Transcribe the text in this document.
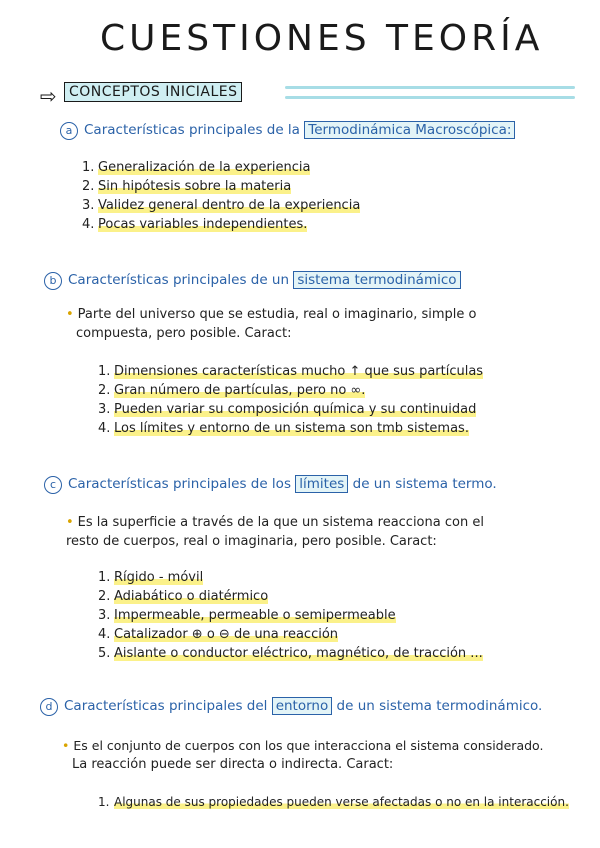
CUESTIONES TEORÍA
⇨ CONCEPTOS INICIALES
a Características principales de la Termodinámica Macroscópica:
1. Generalización de la experiencia
2. Sin hipótesis sobre la materia
3. Validez general dentro de la experiencia
4. Pocas variables independientes.
b Características principales de un sistema termodinámico
• Parte del universo que se estudia, real o imaginario, simple o
compuesta, pero posible. Caract:
1. Dimensiones características mucho ↑ que sus partículas
2. Gran número de partículas, pero no ∞.
3. Pueden variar su composición química y su continuidad
4. Los límites y entorno de un sistema son tmb sistemas.
c Características principales de los límites de un sistema termo.
• Es la superficie a través de la que un sistema reacciona con el
resto de cuerpos, real o imaginaria, pero posible. Caract:
1. Rígido - móvil
2. Adiabático o diatérmico
3. Impermeable, permeable o semipermeable
4. Catalizador ⊕ o ⊖ de una reacción
5. Aislante o conductor eléctrico, magnético, de tracción ...
d Características principales del entorno de un sistema termodinámico.
• Es el conjunto de cuerpos con los que interacciona el sistema considerado.
La reacción puede ser directa o indirecta. Caract:
1. Algunas de sus propiedades pueden verse afectadas o no en la interacción.
